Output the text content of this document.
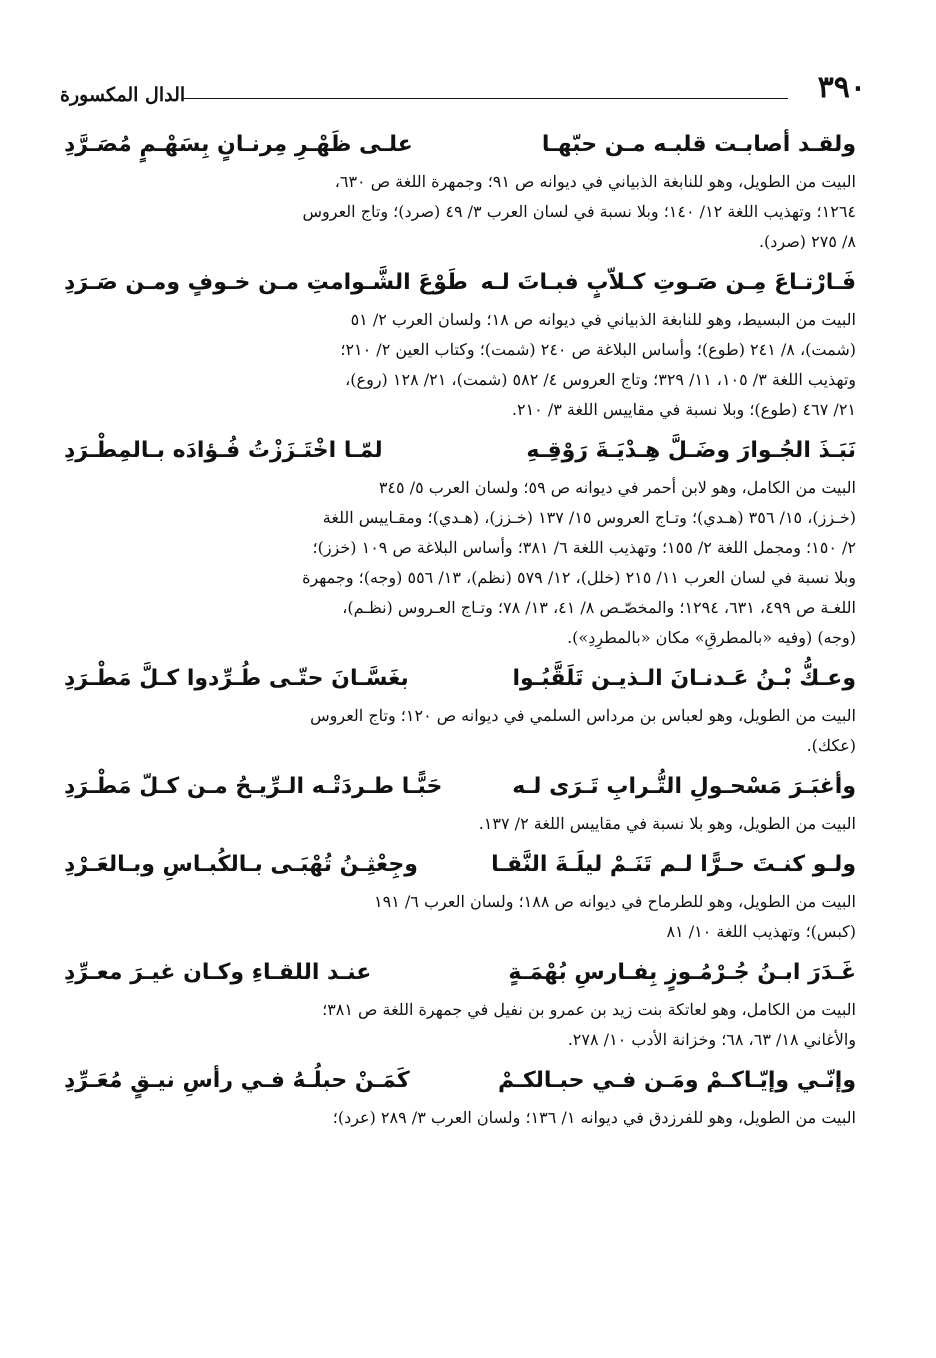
الدال المكسورة	٣٩٠
ولقـد أصابـت قلبـه مـن حبّهـا
علـى ظَهْـرِ مِرنـانٍ بِسَهْـمٍ مُصَـرَّدِ
البيت من الطويل، وهو للنابغة الذبياني في ديوانه ص ٩١؛ وجمهرة اللغة ص ٦٣٠،
١٢٦٤؛ وتهذيب اللغة ١٢/ ١٤٠؛ وبلا نسبة في لسان العرب ٣/ ٤٩ (صرد)؛ وتاج العروس
٨/ ٢٧٥ (صرد).
فَـارْتـاعَ مِـن صَـوتِ كـلاّبٍ فبـاتَ لـه
طَوْعَ الشَّـوامتِ مـن خـوفٍ ومـن صَـرَدِ
البيت من البسيط، وهو للنابغة الذبياني في ديوانه ص ١٨؛ ولسان العرب ٢/ ٥١
(شمت)، ٨/ ٢٤١ (طوع)؛ وأساس البلاغة ص ٢٤٠ (شمت)؛ وكتاب العين ٢/ ٢١٠؛
وتهذيب اللغة ٣/ ١٠٥، ١١/ ٣٢٩؛ وتاج العروس ٤/ ٥٨٢ (شمت)، ٢١/ ١٢٨ (روع)،
٢١/ ٤٦٧ (طوع)؛ وبلا نسبة في مقاييس اللغة ٣/ ٢١٠.
نَبَـذَ الجُـوارَ وضَـلَّ هِـدْيَـةَ رَوْقِـهِ
لمّـا اخْتَـزَزْتُ فُـؤادَه بـالمِطْـرَدِ
البيت من الكامل، وهو لابن أحمر في ديوانه ص ٥٩؛ ولسان العرب ٥/ ٣٤٥
(خـزز)، ١٥/ ٣٥٦ (هـدي)؛ وتـاج العروس ١٥/ ١٣٧ (خـزز)، (هـدي)؛ ومقـاييس اللغة
٢/ ١٥٠؛ ومجمل اللغة ٢/ ١٥٥؛ وتهذيب اللغة ٦/ ٣٨١؛ وأساس البلاغة ص ١٠٩ (خزز)؛
وبلا نسبة في لسان العرب ١١/ ٢١٥ (خلل)، ١٢/ ٥٧٩ (نظم)، ١٣/ ٥٥٦ (وجه)؛ وجمهرة
اللغـة ص ٤٩٩، ٦٣١، ١٢٩٤؛ والمخصّـص ٨/ ٤١، ١٣/ ٧٨؛ وتـاج العـروس (نظـم)،
(وجه) (وفيه «بالمطرقِ» مكان «بالمطرِدِ»).
وعـكُّ بْـنُ عَـدنـانَ الـذيـن تَلَقَّبُـوا
بغَسَّـانَ حتّـى طُـرِّدوا كـلَّ مَطْـرَدِ
البيت من الطويل، وهو لعباس بن مرداس السلمي في ديوانه ص ١٢٠؛ وتاج العروس
(عكك).
وأغبَـرَ مَسْحـولِ التُّـرابِ تَـرَى لـه
حَبًّـا طـردَتْـه الـرِّيـحُ مـن كـلّ مَطْـرَدِ
البيت من الطويل، وهو بلا نسبة في مقاييس اللغة ٢/ ١٣٧.
ولـو كنـتَ حـرًّا لـم تَنَـمْ ليلَـةَ النَّقـا
وجِعْثِـنُ تُهْبَـى بـالكُبـاسِ وبـالعَـرْدِ
البيت من الطويل، وهو للطرماح في ديوانه ص ١٨٨؛ ولسان العرب ٦/ ١٩١
(كبس)؛ وتهذيب اللغة ١٠/ ٨١
غَـدَرَ ابـنُ جُـرْمُـوزٍ بِفـارسِ بُهْمَـةٍ
عنـد اللقـاءِ وكـان غيـرَ معـرِّدِ
البيت من الكامل، وهو لعاتكة بنت زيد بن عمرو بن نفيل في جمهرة اللغة ص ٣٨١؛
والأغاني ١٨/ ٦٣، ٦٨؛ وخزانة الأدب ١٠/ ٢٧٨.
وإنّـي وإيّـاكـمْ ومَـن فـي حبـالكـمْ
كَمَـنْ حبلُـهُ فـي رأسِ نيـقٍ مُعَـرِّدِ
البيت من الطويل، وهو للفرزدق في ديوانه ١/ ١٣٦؛ ولسان العرب ٣/ ٢٨٩ (عرد)؛
